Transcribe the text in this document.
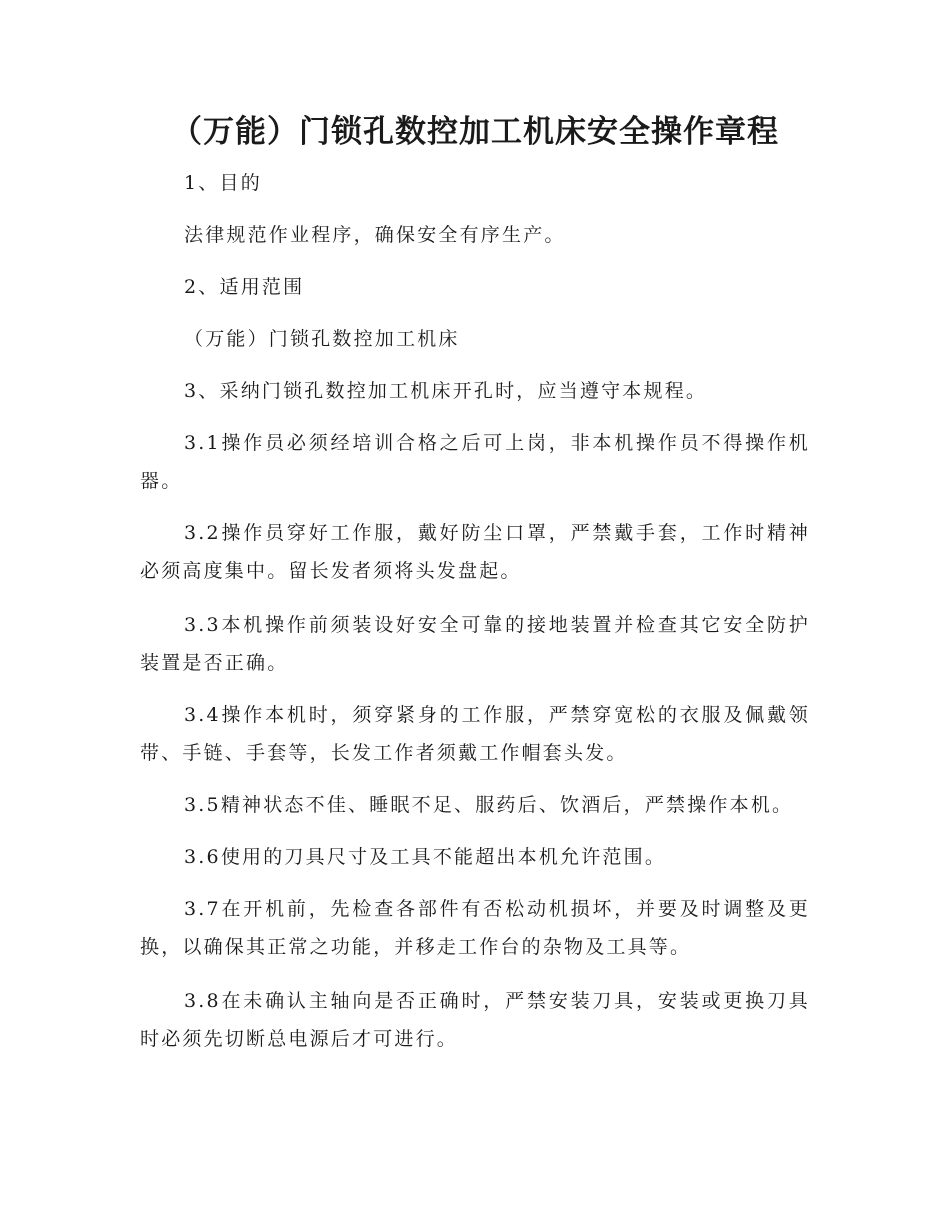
（万能）门锁孔数控加工机床安全操作章程
1、目的
法律规范作业程序，确保安全有序生产。
2、适用范围
（万能）门锁孔数控加工机床
3、采纳门锁孔数控加工机床开孔时，应当遵守本规程。
3.1操作员必须经培训合格之后可上岗，非本机操作员不得操作机器。
3.2操作员穿好工作服，戴好防尘口罩，严禁戴手套，工作时精神必须高度集中。留长发者须将头发盘起。
3.3本机操作前须装设好安全可靠的接地装置并检查其它安全防护装置是否正确。
3.4操作本机时，须穿紧身的工作服，严禁穿宽松的衣服及佩戴领带、手链、手套等，长发工作者须戴工作帽套头发。
3.5精神状态不佳、睡眠不足、服药后、饮酒后，严禁操作本机。
3.6使用的刀具尺寸及工具不能超出本机允许范围。
3.7在开机前，先检查各部件有否松动机损坏，并要及时调整及更换，以确保其正常之功能，并移走工作台的杂物及工具等。
3.8在未确认主轴向是否正确时，严禁安装刀具，安装或更换刀具时必须先切断总电源后才可进行。
